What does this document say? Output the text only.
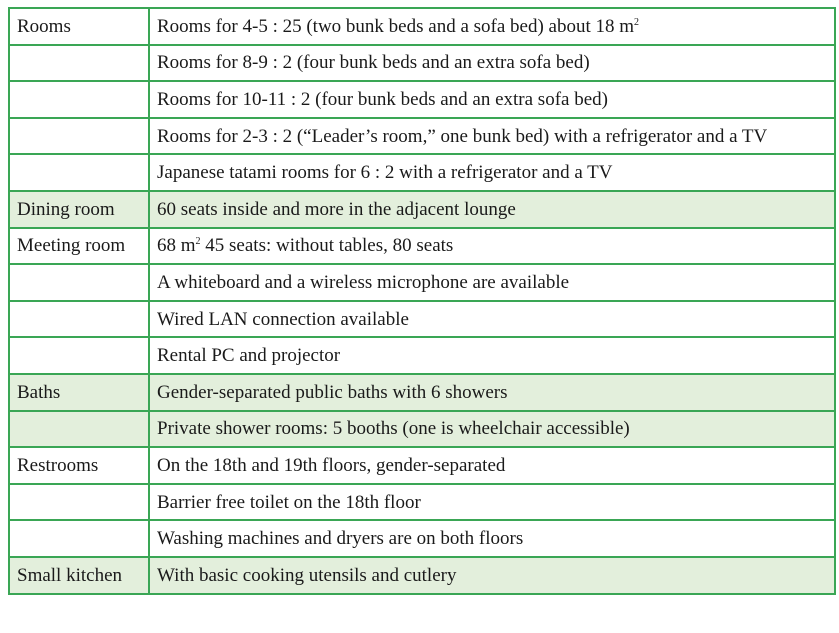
Rooms	Rooms for 4-5 : 25 (two bunk beds and a sofa bed) about 18 $m^2$
	Rooms for 8-9 : 2 (four bunk beds and an extra sofa bed)
	Rooms for 10-11 : 2 (four bunk beds and an extra sofa bed)
	Rooms for 2-3 : 2 (“Leader’s room,” one bunk bed) with a refrigerator and a TV
	Japanese tatami rooms for 6 : 2 with a refrigerator and a TV
Dining room	60 seats inside and more in the adjacent lounge
Meeting room	68 $m^2$ 45 seats: without tables, 80 seats
	A whiteboard and a wireless microphone are available
	Wired LAN connection available
	Rental PC and projector
Baths	Gender-separated public baths with 6 showers
	Private shower rooms: 5 booths (one is wheelchair accessible)
Restrooms	On the 18th and 19th floors, gender-separated
	Barrier free toilet on the 18th floor
	Washing machines and dryers are on both floors
Small kitchen	With basic cooking utensils and cutlery
